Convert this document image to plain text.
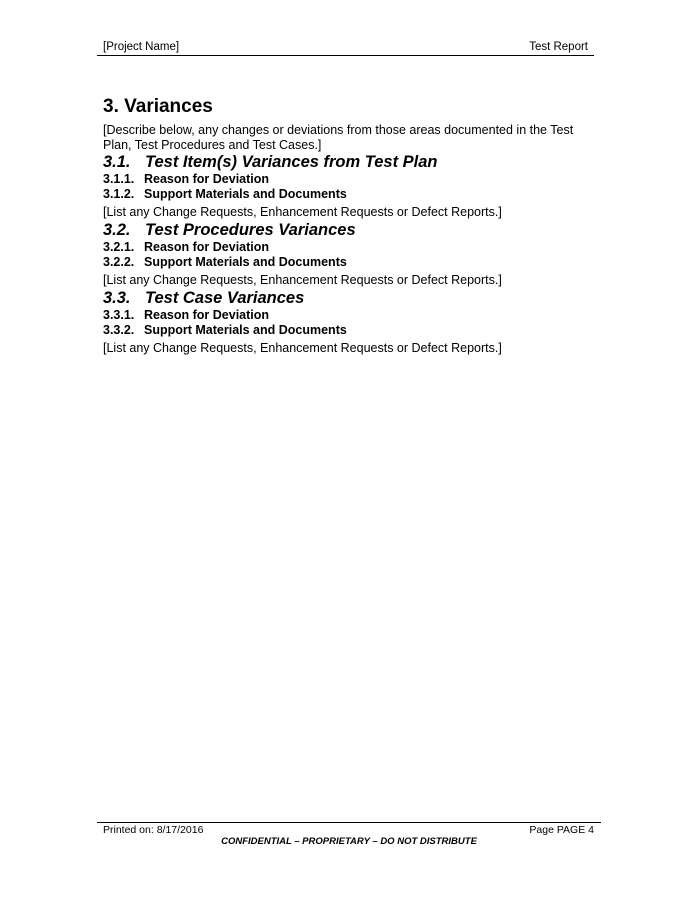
[Project Name]	Test Report
3. Variances

[Describe below, any changes or deviations from those areas documented in the Test Plan, Test Procedures and Test Cases.]

3.1. Test Item(s) Variances from Test Plan
3.1.1. Reason for Deviation
3.1.2. Support Materials and Documents

[List any Change Requests, Enhancement Requests or Defect Reports.]

3.2. Test Procedures Variances
3.2.1. Reason for Deviation
3.2.2. Support Materials and Documents

[List any Change Requests, Enhancement Requests or Defect Reports.]

3.3. Test Case Variances
3.3.1. Reason for Deviation
3.3.2. Support Materials and Documents

[List any Change Requests, Enhancement Requests or Defect Reports.]

Printed on: 8/17/2016	Page PAGE 4
CONFIDENTIAL – PROPRIETARY – DO NOT DISTRIBUTE
